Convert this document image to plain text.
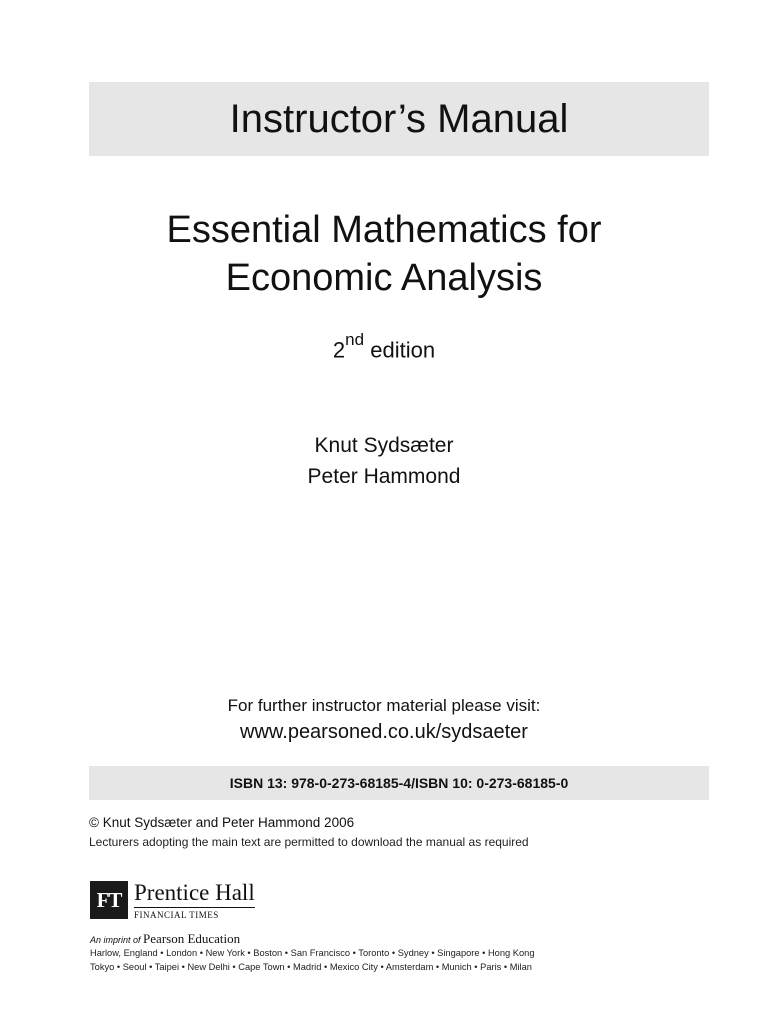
Instructor’s Manual
Essential Mathematics for
Economic Analysis
2nd edition
Knut Sydsæter
Peter Hammond
For further instructor material please visit:
www.pearsoned.co.uk/sydsaeter
ISBN 13: 978-0-273-68185-4/ISBN 10: 0-273-68185-0
© Knut Sydsæter and Peter Hammond 2006
Lecturers adopting the main text are permitted to download the manual as required
FT Prentice Hall
FINANCIAL TIMES
An imprint of Pearson Education
Harlow, England • London • New York • Boston • San Francisco • Toronto • Sydney • Singapore • Hong Kong
Tokyo • Seoul • Taipei • New Delhi • Cape Town • Madrid • Mexico City • Amsterdam • Munich • Paris • Milan
